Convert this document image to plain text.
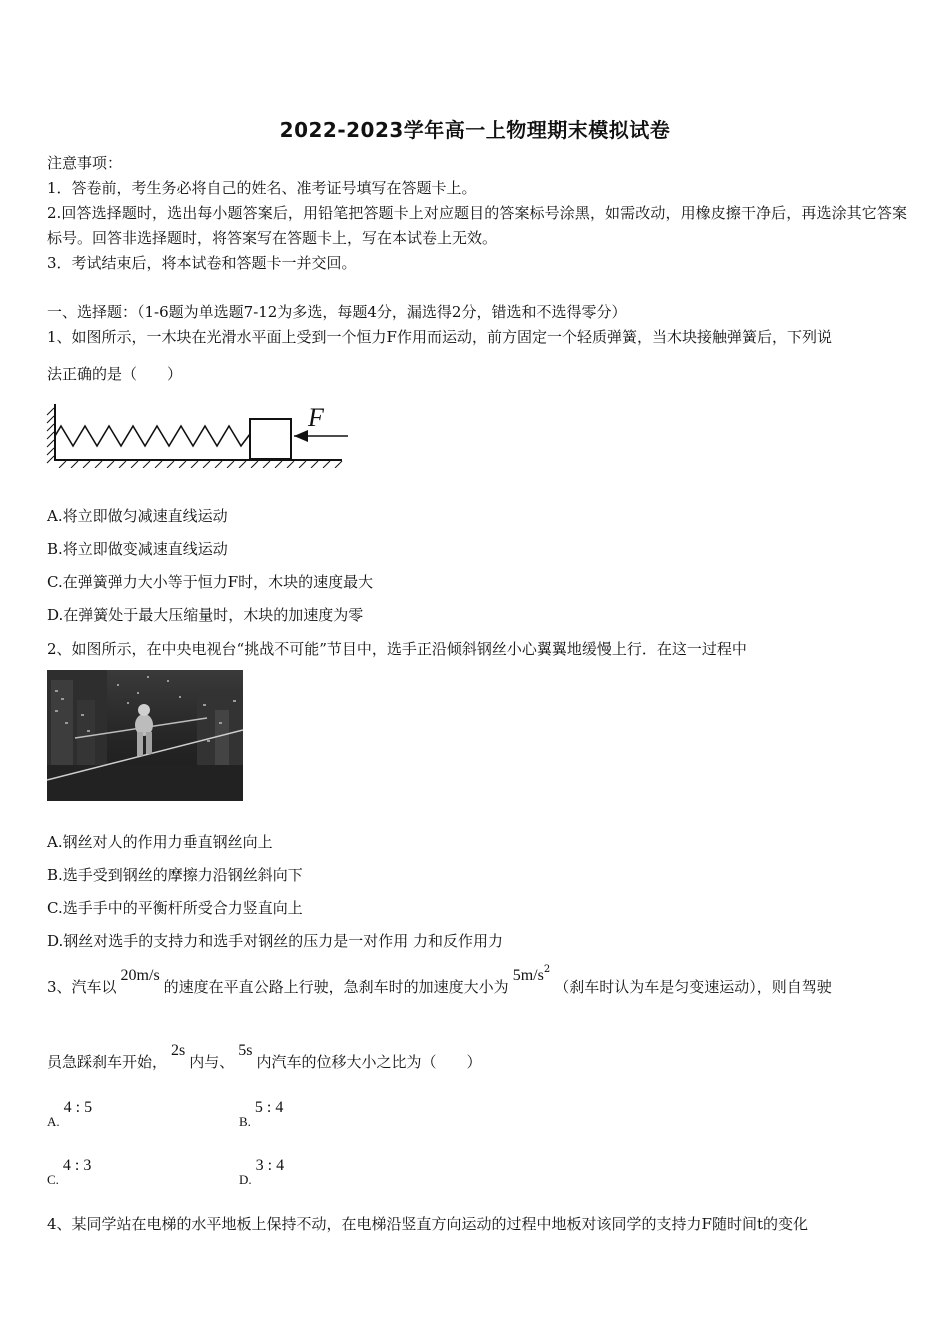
2022-2023学年高一上物理期末模拟试卷
注意事项：
1．答卷前，考生务必将自己的姓名、准考证号填写在答题卡上。
2.回答选择题时，选出每小题答案后，用铅笔把答题卡上对应题目的答案标号涂黑，如需改动，用橡皮擦干净后，再选涂其它答案标号。回答非选择题时，将答案写在答题卡上，写在本试卷上无效。
3．考试结束后，将本试卷和答题卡一并交回。
一、选择题：（1-6题为单选题7-12为多选，每题4分，漏选得2分，错选和不选得零分）
1、如图所示，一木块在光滑水平面上受到一个恒力F作用而运动，前方固定一个轻质弹簧，当木块接触弹簧后，下列说
法正确的是（　　）
F
A.将立即做匀减速直线运动
B.将立即做变减速直线运动
C.在弹簧弹力大小等于恒力F时，木块的速度最大
D.在弹簧处于最大压缩量时，木块的加速度为零
2、如图所示，在中央电视台“挑战不可能”节目中，选手正沿倾斜钢丝小心翼翼地缓慢上行．在这一过程中
A.钢丝对人的作用力垂直钢丝向上
B.选手受到钢丝的摩擦力沿钢丝斜向下
C.选手手中的平衡杆所受合力竖直向上
D.钢丝对选手的支持力和选手对钢丝的压力是一对作用 力和反作用力
3、汽车以20m/s的速度在平直公路上行驶，急刹车时的加速度大小为$5m/s^2$（刹车时认为车是匀变速运动），则自驾驶
员急踩刹车开始，2s内与、5s内汽车的位移大小之比为（　　）
$_{A.}$4 : 5
$_{B.}$5 : 4
$_{C.}$4 : 3
$_{D.}$3 : 4
4、某同学站在电梯的水平地板上保持不动，在电梯沿竖直方向运动的过程中地板对该同学的支持力F随时间t的变化
